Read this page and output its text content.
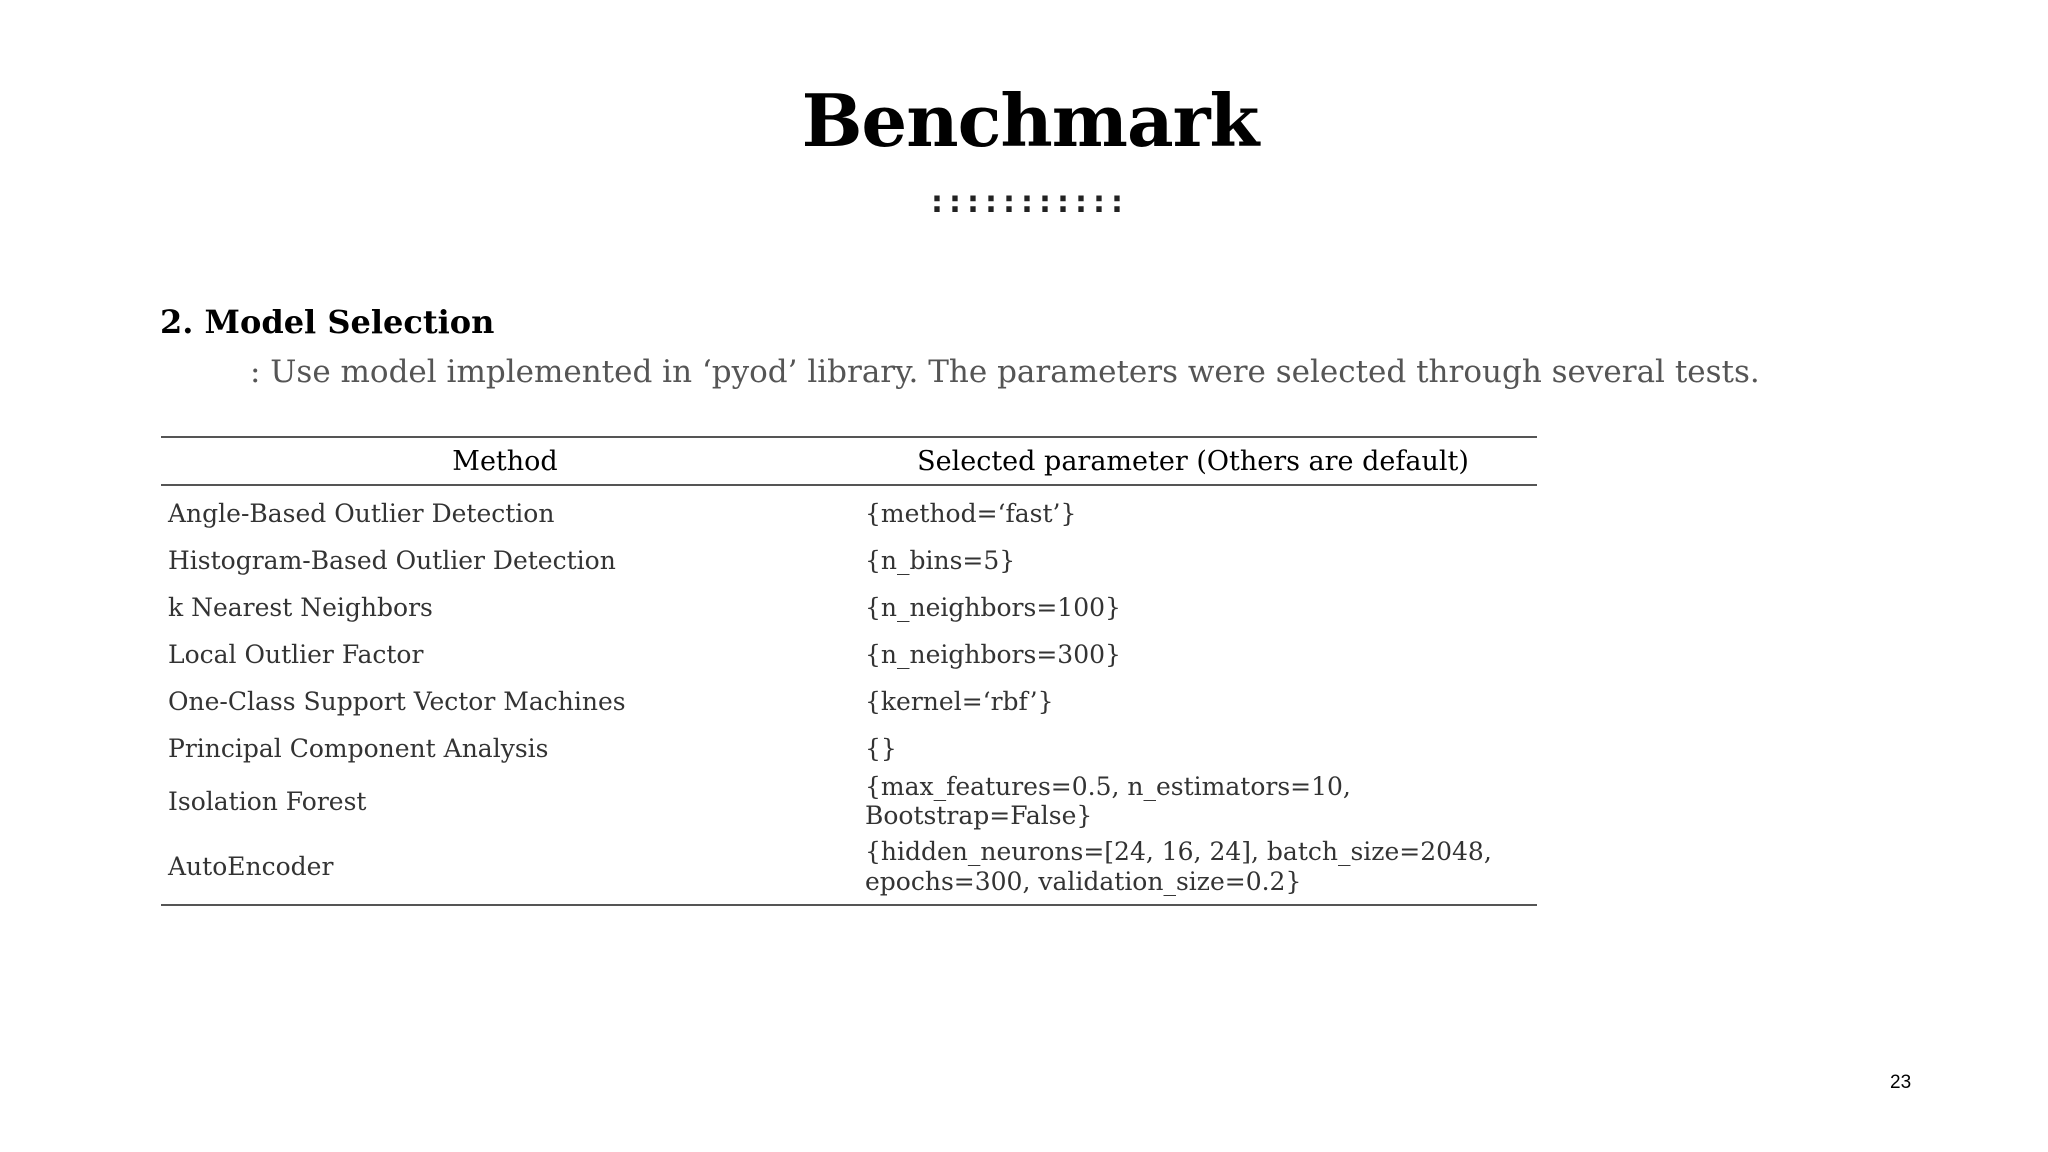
Benchmark
:::::::::::
2. Model Selection
: Use model implemented in ‘pyod’ library. The parameters were selected through several tests.
Method	Selected parameter (Others are default)
Angle-Based Outlier Detection	{method=‘fast’}
Histogram-Based Outlier Detection	{n_bins=5}
k Nearest Neighbors	{n_neighbors=100}
Local Outlier Factor	{n_neighbors=300}
One-Class Support Vector Machines	{kernel=‘rbf’}
Principal Component Analysis	{}
Isolation Forest	{max_features=0.5, n_estimators=10, Bootstrap=False}
AutoEncoder	{hidden_neurons=[24, 16, 24], batch_size=2048, epochs=300, validation_size=0.2}
23
